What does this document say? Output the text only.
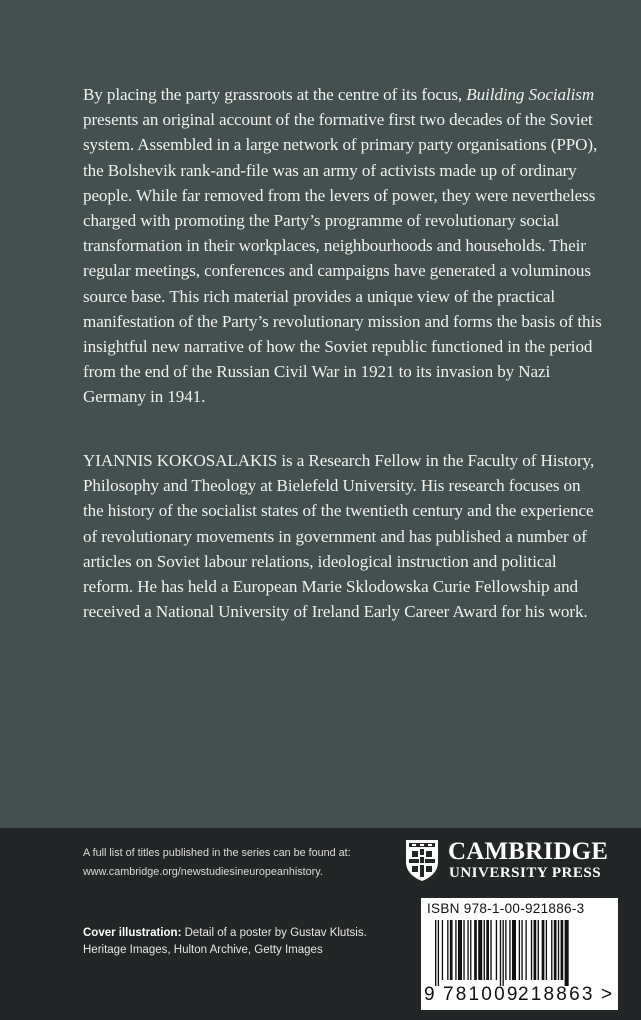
By placing the party grassroots at the centre of its focus, Building Socialism presents an original account of the formative first two decades of the Soviet system. Assembled in a large network of primary party organisations (PPO), the Bolshevik rank-and-file was an army of activists made up of ordinary people. While far removed from the levers of power, they were nevertheless charged with promoting the Party’s programme of revolutionary social transformation in their workplaces, neighbourhoods and households. Their regular meetings, conferences and campaigns have generated a voluminous source base. This rich material provides a unique view of the practical manifestation of the Party’s revolutionary mission and forms the basis of this insightful new narrative of how the Soviet republic functioned in the period from the end of the Russian Civil War in 1921 to its invasion by Nazi Germany in 1941.

YIANNIS KOKOSALAKIS is a Research Fellow in the Faculty of History, Philosophy and Theology at Bielefeld University. His research focuses on the history of the socialist states of the twentieth century and the experience of revolutionary movements in government and has published a number of articles on Soviet labour relations, ideological instruction and political reform. He has held a European Marie Sklodowska Curie Fellowship and received a National University of Ireland Early Career Award for his work.

A full list of titles published in the series can be found at:
www.cambridge.org/newstudiesineuropeanhistory.

CAMBRIDGE
UNIVERSITY PRESS

Cover illustration: Detail of a poster by Gustav Klutsis. Heritage Images, Hulton Archive, Getty Images

ISBN 978-1-00-921886-3
9 781009
218863 >
